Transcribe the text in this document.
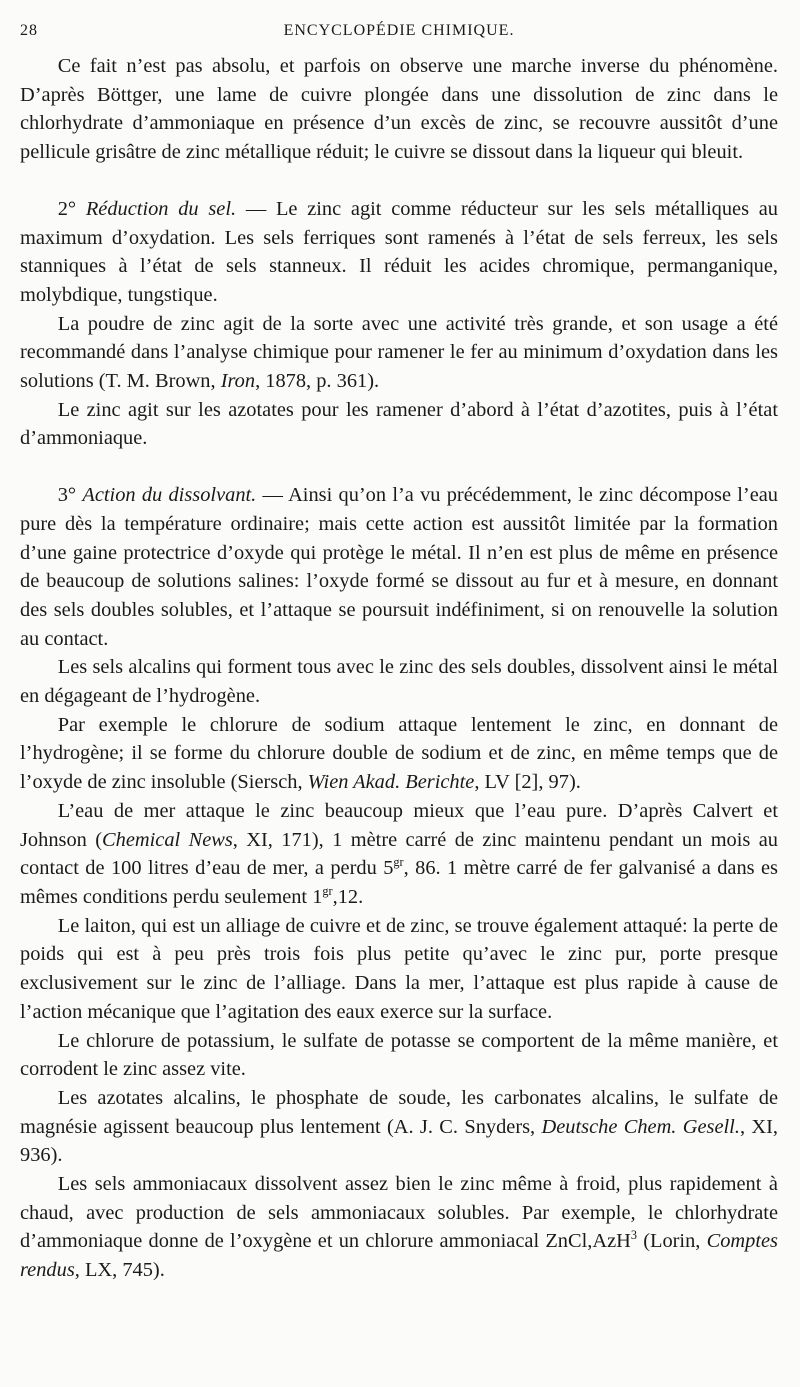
28	ENCYCLOPÉDIE CHIMIQUE.

Ce fait n’est pas absolu, et parfois on observe une marche inverse du phénomène. D’après Böttger, une lame de cuivre plongée dans une dissolution de zinc dans le chlorhydrate d’ammoniaque en présence d’un excès de zinc, se recouvre aussitôt d’une pellicule grisâtre de zinc métallique réduit; le cuivre se dissout dans la liqueur qui bleuit.

2° Réduction du sel. — Le zinc agit comme réducteur sur les sels métalliques au maximum d’oxydation. Les sels ferriques sont ramenés à l’état de sels ferreux, les sels stanniques à l’état de sels stanneux. Il réduit les acides chromique, permanganique, molybdique, tungstique.

La poudre de zinc agit de la sorte avec une activité très grande, et son usage a été recommandé dans l’analyse chimique pour ramener le fer au minimum d’oxydation dans les solutions (T. M. Brown, Iron, 1878, p. 361).

Le zinc agit sur les azotates pour les ramener d’abord à l’état d’azotites, puis à l’état d’ammoniaque.

3° Action du dissolvant. — Ainsi qu’on l’a vu précédemment, le zinc décompose l’eau pure dès la température ordinaire; mais cette action est aussitôt limitée par la formation d’une gaine protectrice d’oxyde qui protège le métal. Il n’en est plus de même en présence de beaucoup de solutions salines: l’oxyde formé se dissout au fur et à mesure, en donnant des sels doubles solubles, et l’attaque se poursuit indéfiniment, si on renouvelle la solution au contact.

Les sels alcalins qui forment tous avec le zinc des sels doubles, dissolvent ainsi le métal en dégageant de l’hydrogène.

Par exemple le chlorure de sodium attaque lentement le zinc, en donnant de l’hydrogène; il se forme du chlorure double de sodium et de zinc, en même temps que de l’oxyde de zinc insoluble (Siersch, Wien Akad. Berichte, LV [2], 97).

L’eau de mer attaque le zinc beaucoup mieux que l’eau pure. D’après Calvert et Johnson (Chemical News, XI, 171), 1 mètre carré de zinc maintenu pendant un mois au contact de 100 litres d’eau de mer, a perdu $5^{gr}$, 86. 1 mètre carré de fer galvanisé a dans es mêmes conditions perdu seulement $1^{gr},12$.

Le laiton, qui est un alliage de cuivre et de zinc, se trouve également attaqué: la perte de poids qui est à peu près trois fois plus petite qu’avec le zinc pur, porte presque exclusivement sur le zinc de l’alliage. Dans la mer, l’attaque est plus rapide à cause de l’action mécanique que l’agitation des eaux exerce sur la surface.

Le chlorure de potassium, le sulfate de potasse se comportent de la même manière, et corrodent le zinc assez vite.

Les azotates alcalins, le phosphate de soude, les carbonates alcalins, le sulfate de magnésie agissent beaucoup plus lentement (A. J. C. Snyders, Deutsche Chem. Gesell., XI, 936).

Les sels ammoniacaux dissolvent assez bien le zinc même à froid, plus rapidement à chaud, avec production de sels ammoniacaux solubles. Par exemple, le chlorhydrate d’ammoniaque donne de l’oxygène et un chlorure ammoniacal ZnCl,AzH$^3$ (Lorin, Comptes rendus, LX, 745).
